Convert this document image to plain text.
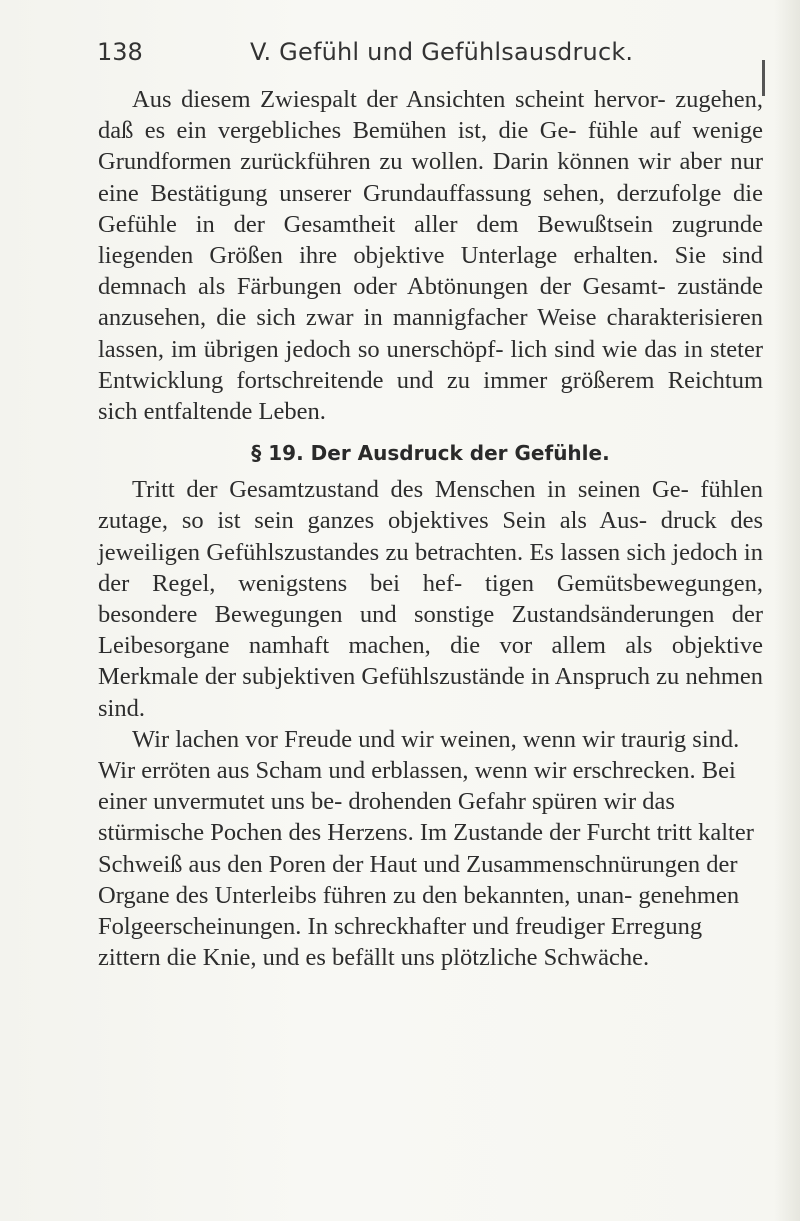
138	V. Gefühl und Gefühlsausdruck.

Aus diesem Zwiespalt der Ansichten scheint hervor- zugehen, daß es ein vergebliches Bemühen ist, die Ge- fühle auf wenige Grundformen zurückführen zu wollen. Darin können wir aber nur eine Bestätigung unserer Grundauffassung sehen, derzufolge die Gefühle in der Gesamtheit aller dem Bewußtsein zugrunde liegenden Größen ihre objektive Unterlage erhalten. Sie sind demnach als Färbungen oder Abtönungen der Gesamt- zustände anzusehen, die sich zwar in mannigfacher Weise charakterisieren lassen, im übrigen jedoch so unerschöpf- lich sind wie das in steter Entwicklung fortschreitende und zu immer größerem Reichtum sich entfaltende Leben.

§ 19. Der Ausdruck der Gefühle.

Tritt der Gesamtzustand des Menschen in seinen Ge- fühlen zutage, so ist sein ganzes objektives Sein als Aus- druck des jeweiligen Gefühlszustandes zu betrachten. Es lassen sich jedoch in der Regel, wenigstens bei hef- tigen Gemütsbewegungen, besondere Bewegungen und sonstige Zustandsänderungen der Leibesorgane namhaft machen, die vor allem als objektive Merkmale der subjektiven Gefühlszustände in Anspruch zu nehmen sind.

Wir lachen vor Freude und wir weinen, wenn wir traurig sind. Wir erröten aus Scham und erblassen, wenn wir erschrecken. Bei einer unvermutet uns be- drohenden Gefahr spüren wir das stürmische Pochen des Herzens. Im Zustande der Furcht tritt kalter Schweiß aus den Poren der Haut und Zusammenschnürungen der Organe des Unterleibs führen zu den bekannten, unan- genehmen Folgeerscheinungen. In schreckhafter und freudiger Erregung zittern die Knie, und es befällt uns plötzliche Schwäche.
